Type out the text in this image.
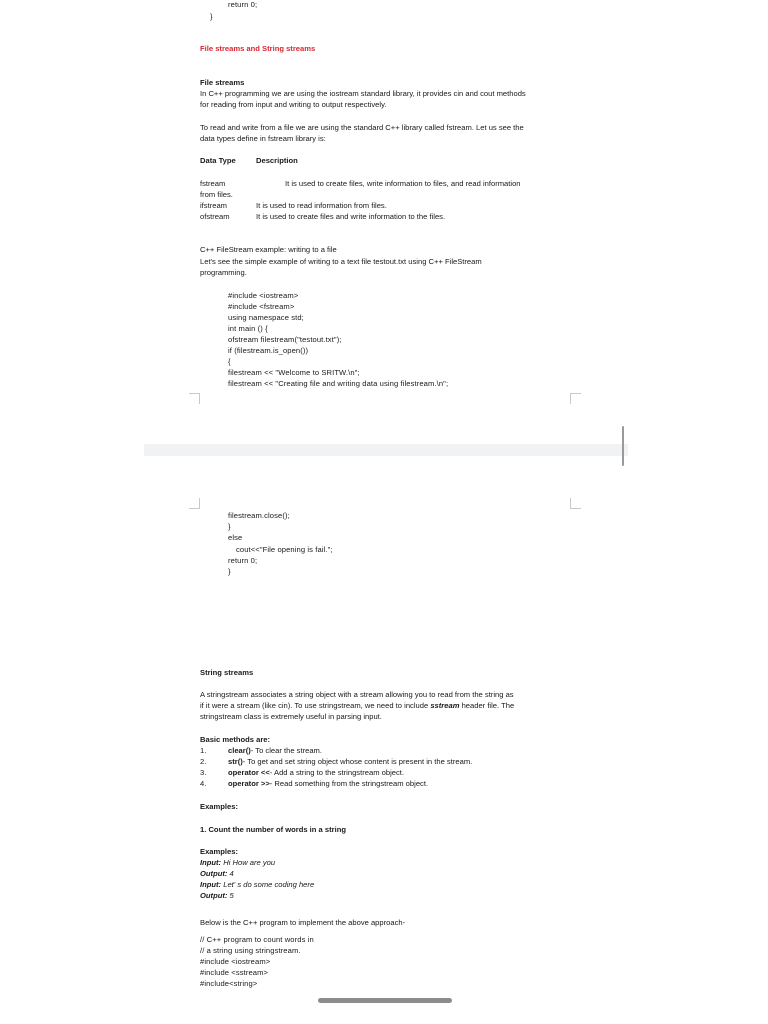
return 0;
}
File streams and String streams
File streams
In C++ programming we are using the iostream standard library, it provides cin and cout methods
for reading from input and writing to output respectively.
To read and write from a file we are using the standard C++ library called fstream. Let us see the
data types define in fstream library is:
Data Type	Description
fstream	It is used to create files, write information to files, and read information
from files.
ifstream	It is used to read information from files.
ofstream	It is used to create files and write information to the files.
C++ FileStream example: writing to a file
Let's see the simple example of writing to a text file testout.txt using C++ FileStream
programming.
#include <iostream>
#include <fstream>
using namespace std;
int main () {
ofstream filestream("testout.txt");
if (filestream.is_open())
{
filestream << "Welcome to SRITW.\n";
filestream << "Creating file and writing data using filestream.\n";
filestream.close();
}
else
cout<<"File opening is fail.";
return 0;
}
String streams
A stringstream associates a string object with a stream allowing you to read from the string as
if it were a stream (like cin). To use stringstream, we need to include sstream header file. The
stringstream class is extremely useful in parsing input.
Basic methods are:
1.	clear()- To clear the stream.
2.	str()- To get and set string object whose content is present in the stream.
3.	operator <<- Add a string to the stringstream object.
4.	operator >>- Read something from the stringstream object.
Examples:
1. Count the number of words in a string
Examples:
Input: Hi How are you
Output: 4
Input: Let' s do some coding here
Output: 5
Below is the C++ program to implement the above approach-
// C++ program to count words in
// a string using stringstream.
#include <iostream>
#include <sstream>
#include<string>
